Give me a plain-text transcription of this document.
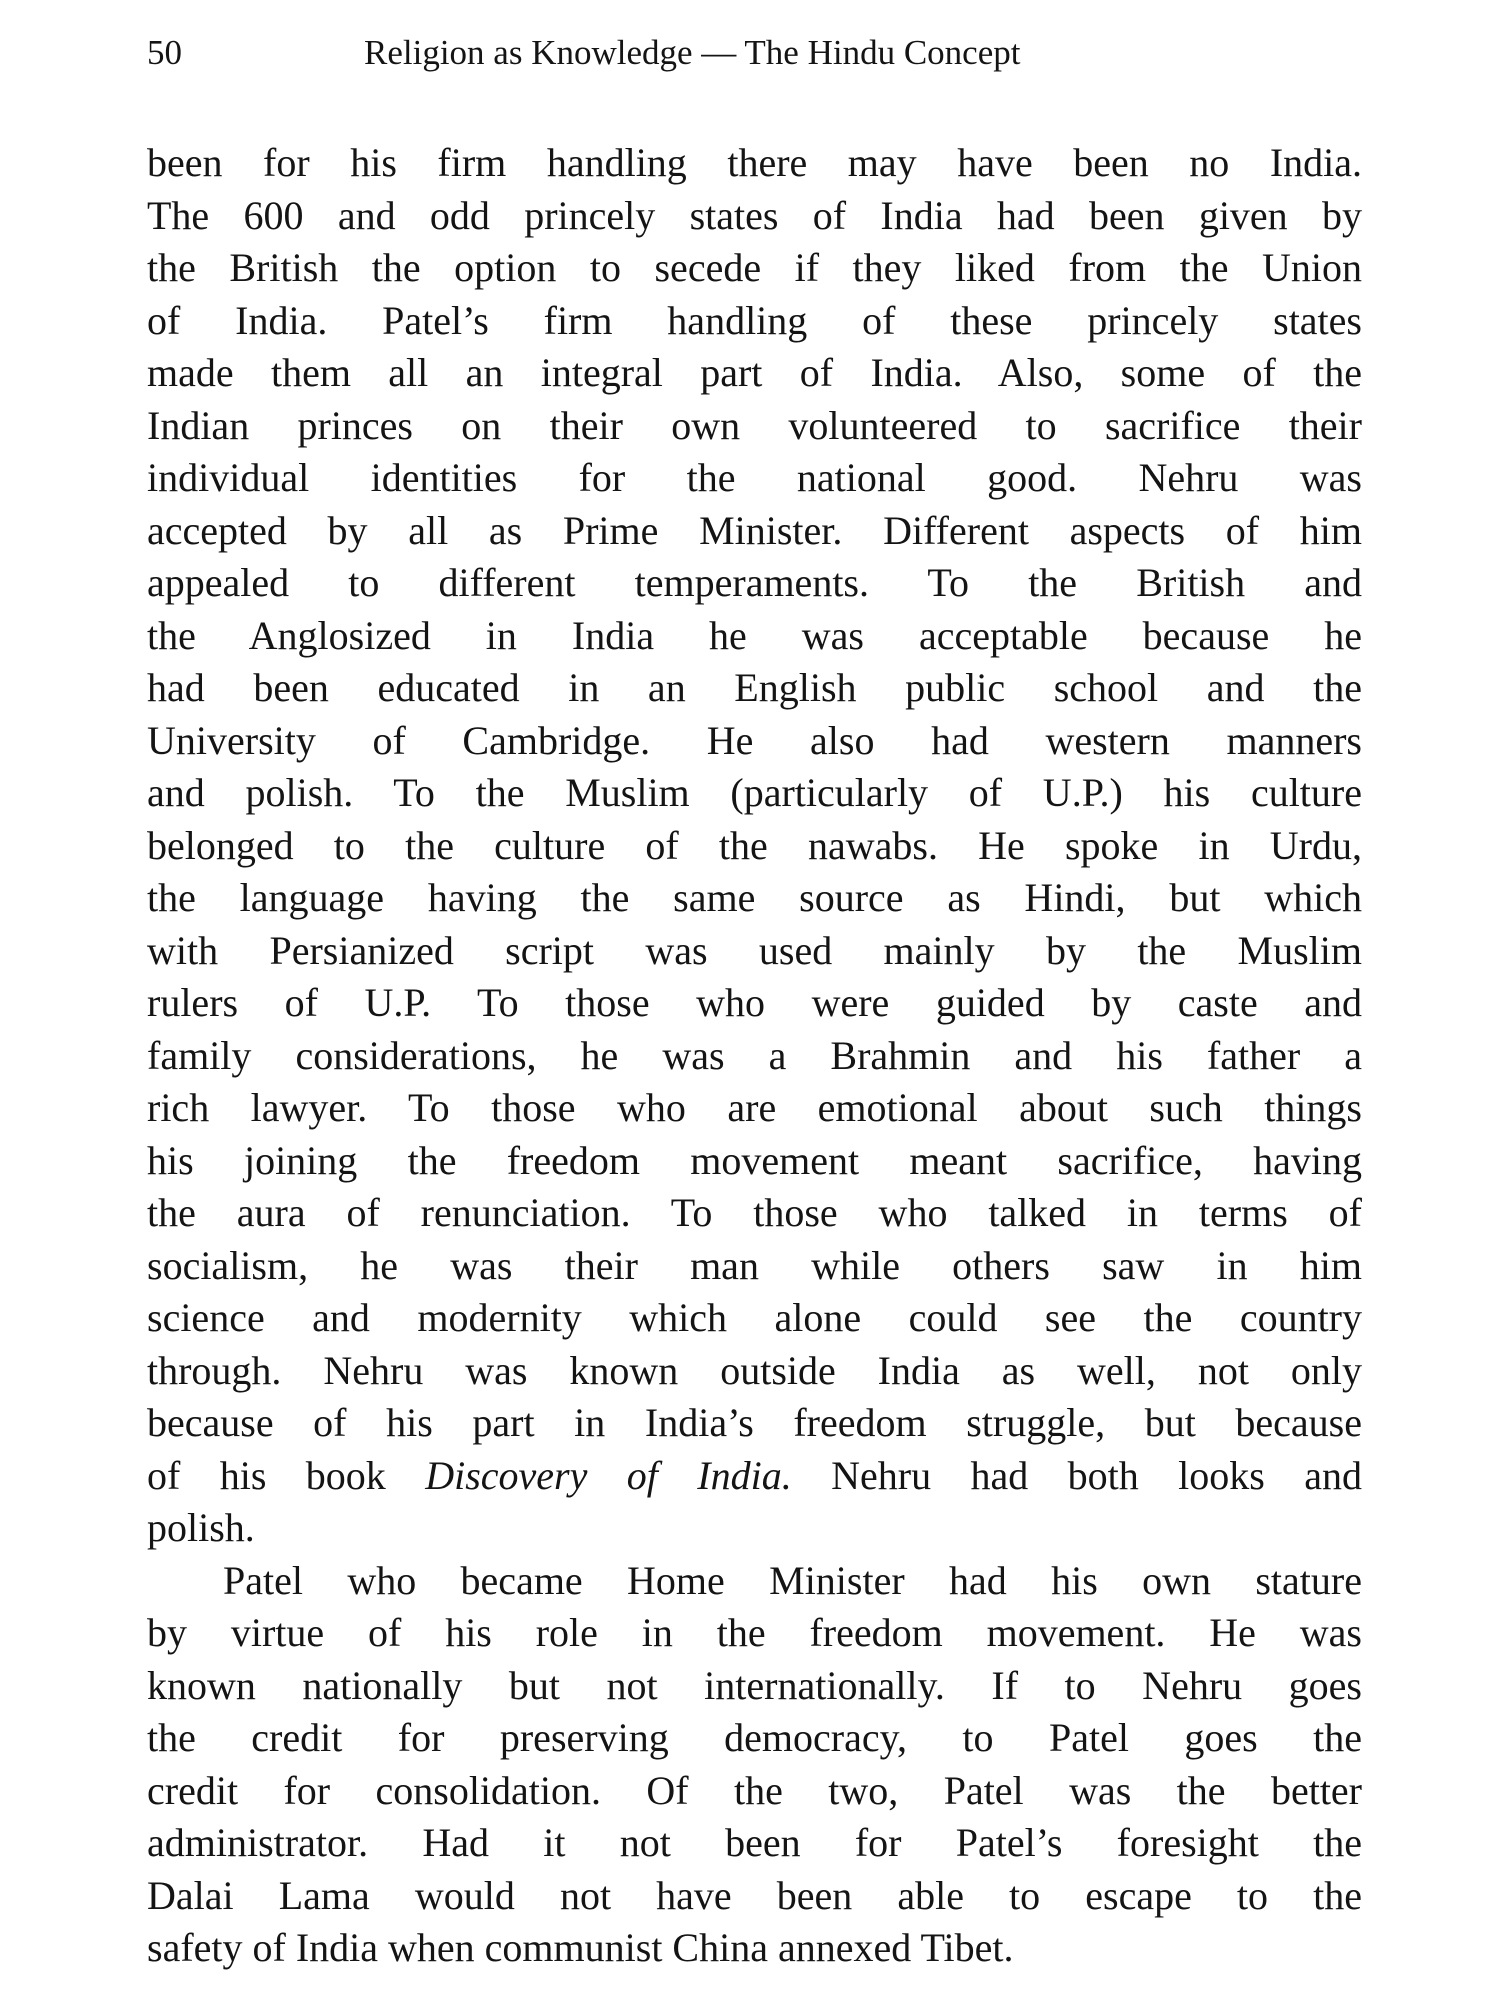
50	Religion as Knowledge — The Hindu Concept
been for his firm handling there may have been no India.
The 600 and odd princely states of India had been given by
the British the option to secede if they liked from the Union
of India. Patel’s firm handling of these princely states
made them all an integral part of India. Also, some of the
Indian princes on their own volunteered to sacrifice their
individual identities for the national good. Nehru was
accepted by all as Prime Minister. Different aspects of him
appealed to different temperaments. To the British and
the Anglosized in India he was acceptable because he
had been educated in an English public school and the
University of Cambridge. He also had western manners
and polish. To the Muslim (particularly of U.P.) his culture
belonged to the culture of the nawabs. He spoke in Urdu,
the language having the same source as Hindi, but which
with Persianized script was used mainly by the Muslim
rulers of U.P. To those who were guided by caste and
family considerations, he was a Brahmin and his father a
rich lawyer. To those who are emotional about such things
his joining the freedom movement meant sacrifice, having
the aura of renunciation. To those who talked in terms of
socialism, he was their man while others saw in him
science and modernity which alone could see the country
through. Nehru was known outside India as well, not only
because of his part in India’s freedom struggle, but because
of his book Discovery of India. Nehru had both looks and
polish.
Patel who became Home Minister had his own stature
by virtue of his role in the freedom movement. He was
known nationally but not internationally. If to Nehru goes
the credit for preserving democracy, to Patel goes the
credit for consolidation. Of the two, Patel was the better
administrator. Had it not been for Patel’s foresight the
Dalai Lama would not have been able to escape to the
safety of India when communist China annexed Tibet.
